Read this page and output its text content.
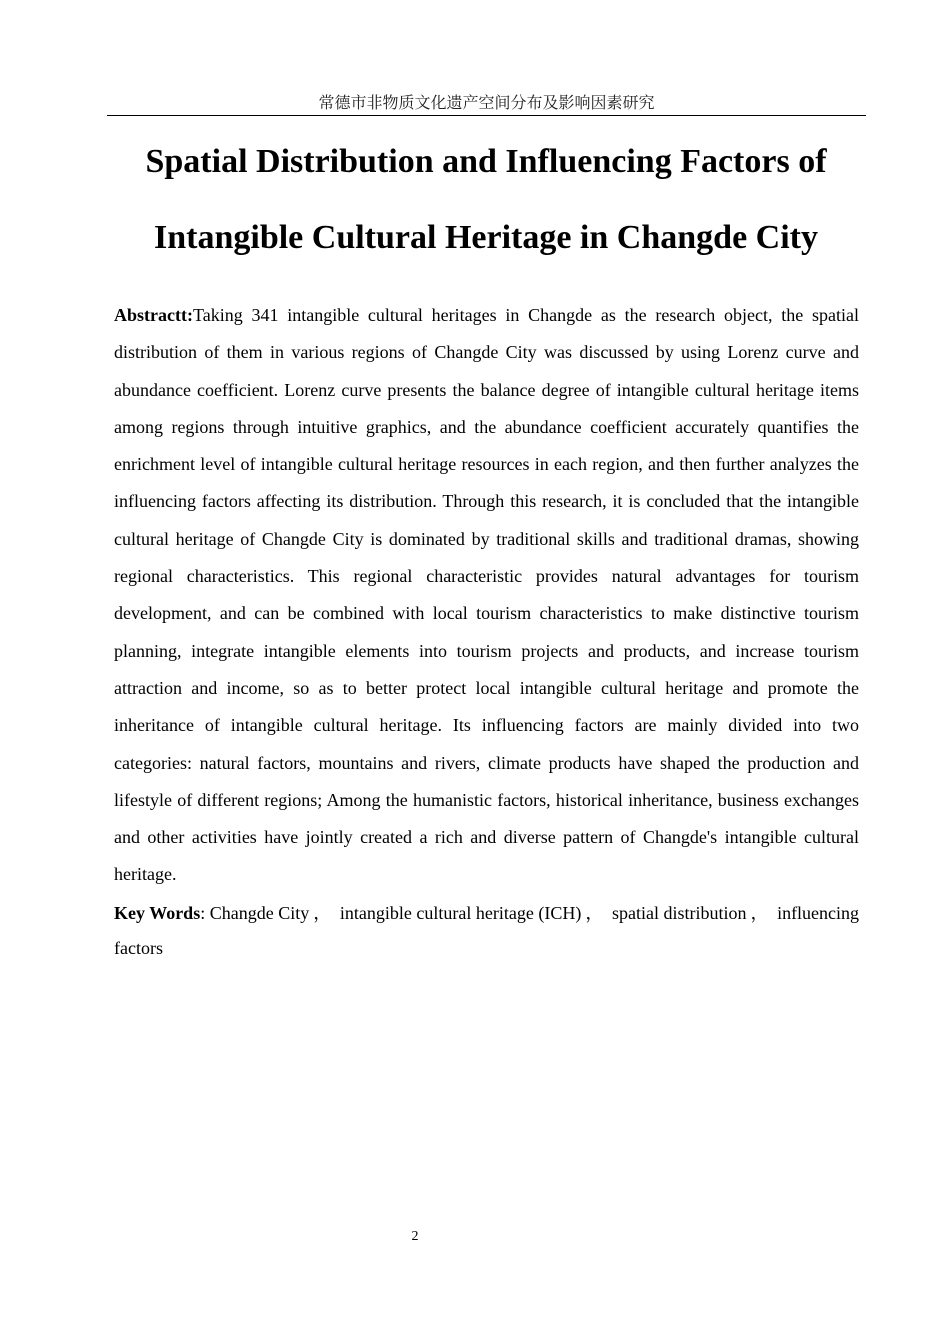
常德市非物质文化遗产空间分布及影响因素研究
Spatial Distribution and Influencing Factors of
Intangible Cultural Heritage in Changde City

Abstractt:Taking 341 intangible cultural heritages in Changde as the research object, the spatial distribution of them in various regions of Changde City was discussed by using Lorenz curve and abundance coefficient. Lorenz curve presents the balance degree of intangible cultural heritage items among regions through intuitive graphics, and the abundance coefficient accurately quantifies the enrichment level of intangible cultural heritage resources in each region, and then further analyzes the influencing factors affecting its distribution. Through this research, it is concluded that the intangible cultural heritage of Changde City is dominated by traditional skills and traditional dramas, showing regional characteristics. This regional characteristic provides natural advantages for tourism development, and can be combined with local tourism characteristics to make distinctive tourism planning, integrate intangible elements into tourism projects and products, and increase tourism attraction and income, so as to better protect local intangible cultural heritage and promote the inheritance of intangible cultural heritage. Its influencing factors are mainly divided into two categories: natural factors, mountains and rivers, climate products have shaped the production and lifestyle of different regions; Among the humanistic factors, historical inheritance, business exchanges and other activities have jointly created a rich and diverse pattern of Changde's intangible cultural heritage.

Key Words: Changde City ， intangible cultural heritage (ICH) ， spatial distribution ， influencing factors

2
